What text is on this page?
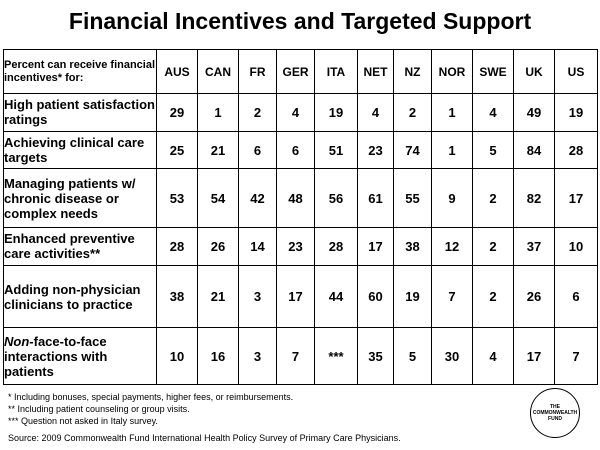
Financial Incentives and Targeted Support
Percent can receive financial incentives* for:	AUS	CAN	FR	GER	ITA	NET	NZ	NOR	SWE	UK	US
High patient satisfaction ratings	29	1	2	4	19	4	2	1	4	49	19
Achieving clinical care targets	25	21	6	6	51	23	74	1	5	84	28
Managing patients w/ chronic disease or complex needs	53	54	42	48	56	61	55	9	2	82	17
Enhanced preventive care activities**	28	26	14	23	28	17	38	12	2	37	10
Adding non-physician clinicians to practice	38	21	3	17	44	60	19	7	2	26	6
Non-face-to-face interactions with patients	10	16	3	7	***	35	5	30	4	17	7
* Including bonuses, special payments, higher fees, or reimbursements.
** Including patient counseling or group visits.
*** Question not asked in Italy survey.
Source: 2009 Commonwealth Fund International Health Policy Survey of Primary Care Physicians.
THE
COMMONWEALTH
FUND
